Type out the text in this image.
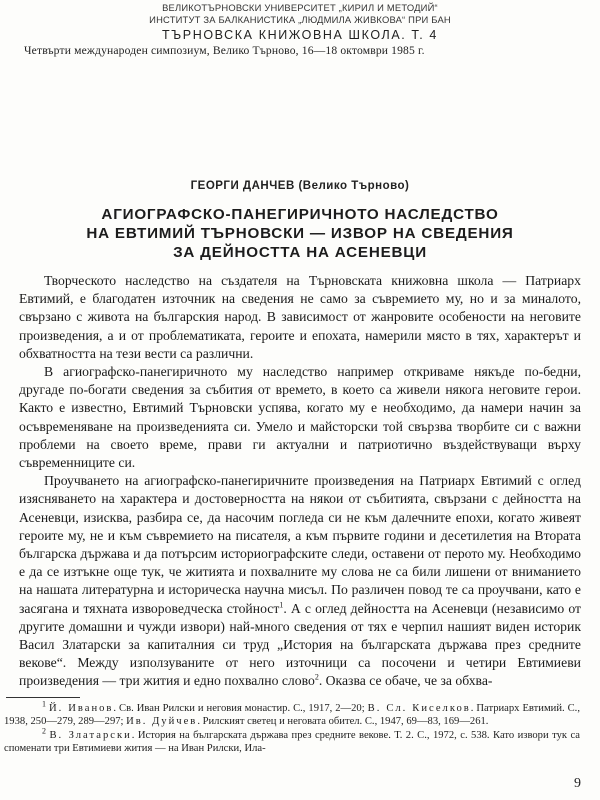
ВЕЛИКОТЪРНОВСКИ УНИВЕРСИТЕТ „КИРИЛ И МЕТОДИЙ“
ИНСТИТУТ ЗА БАЛКАНИСТИКА „ЛЮДМИЛА ЖИВКОВА“ ПРИ БАН
ТЪРНОВСКА КНИЖОВНА ШКОЛА. Т. 4
Четвърти международен симпозиум, Велико Търново, 16—18 октомври 1985 г.
ГЕОРГИ ДАНЧЕВ (Велико Търново)
АГИОГРАФСКО-ПАНЕГИРИЧНОТО НАСЛЕДСТВО
НА ЕВТИМИЙ ТЪРНОВСКИ — ИЗВОР НА СВЕДЕНИЯ
ЗА ДЕЙНОСТТА НА АСЕНЕВЦИ

Творческото наследство на създателя на Търновската книжовна школа — Патриарх Евтимий, е благодатен източник на сведения не само за съвремието му, но и за миналото, свързано с живота на българския народ. В зависимост от жанровите особености на неговите произведения, а и от проблематиката, героите и епохата, намерили място в тях, характерът и обхватността на тези вести са различни.

В агиографско-панегиричното му наследство например откриваме някъде по-бедни, другаде по-богати сведения за събития от времето, в което са живели някога неговите герои. Както е известно, Евтимий Търновски успява, когато му е необходимо, да намери начин за осъвременяване на произведенията си. Умело и майсторски той свързва творбите си с важни проблеми на своето време, прави ги актуални и патриотично въздействуващи върху съвременниците си.

Проучването на агиографско-панегиричните произведения на Патриарх Евтимий с оглед изясняването на характера и достоверността на някои от събитията, свързани с дейността на Асеневци, изисква, разбира се, да насочим погледа си не към далечните епохи, когато живеят героите му, не и към съвремието на писателя, а към първите години и десетилетия на Втората българска държава и да потърсим историографските следи, оставени от перото му. Необходимо е да се изтъкне още тук, че житията и похвалните му слова не са били лишени от вниманието на нашата литературна и историческа научна мисъл. По различен повод те са проучвани, като е засягана и тяхната изворoведческа стойност$^1$. А с оглед дейността на Асеневци (независимо от другите домашни и чужди извори) най-много сведения от тях е черпил нашият виден историк Васил Златарски за капиталния си труд „История на българската държава през средните векове“. Между използуваните от него източници са посочени и четири Евтимиеви произведения — три жития и едно похвално слово$^2$. Оказва се обаче, че за обхва-

$^1$ Й. Иванов. Св. Иван Рилски и неговия монастир. С., 1917, 2—20; В. Сл. Киселков. Патриарх Евтимий. С., 1938, 250—279, 289—297; Ив. Дуйчев. Рилският светец и неговата обител. С., 1947, 69—83, 169—261.

$^2$ В. Златарски. История на българската държава през средните векове. Т. 2. С., 1972, с. 538. Като извори тук са споменати три Евтимиеви жития — на Иван Рилски, Ила-

9
